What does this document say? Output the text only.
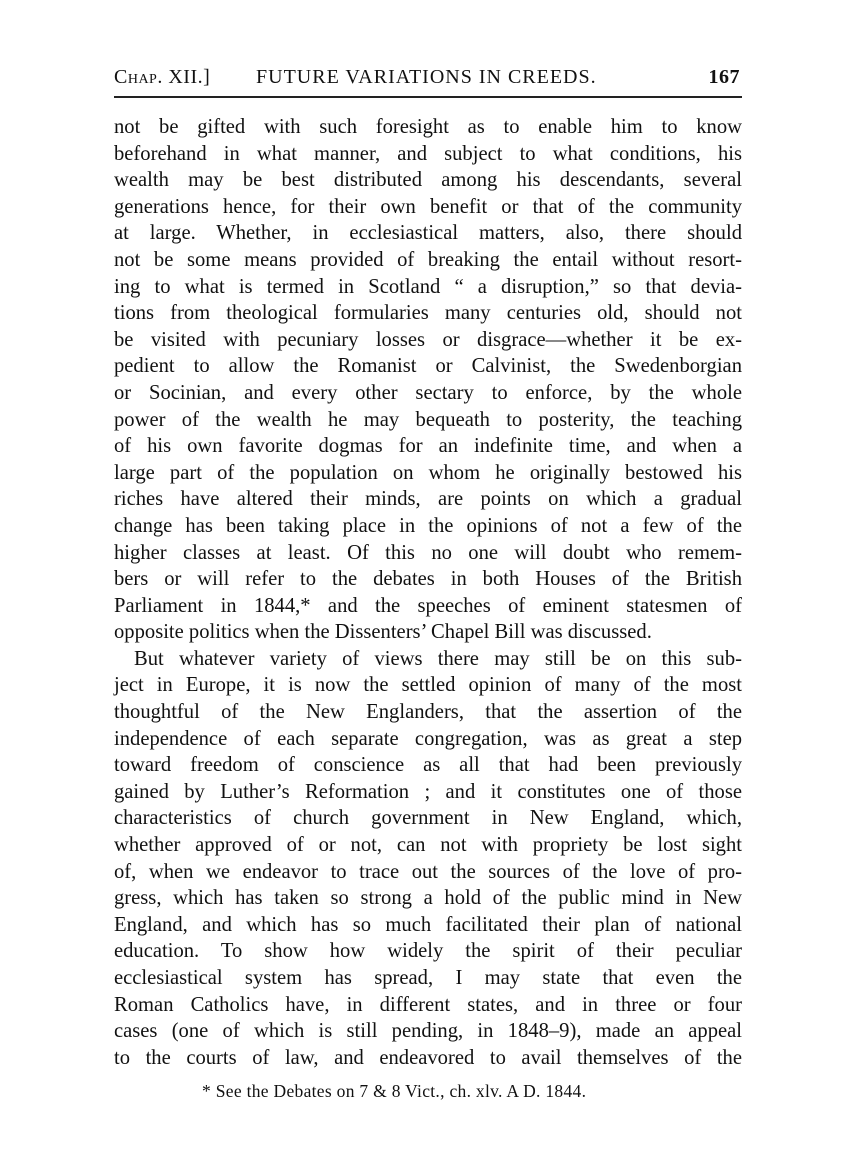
Chap. XII.] FUTURE VARIATIONS IN CREEDS.	167
not be gifted with such foresight as to enable him to know
beforehand in what manner, and subject to what conditions, his
wealth may be best distributed among his descendants, several
generations hence, for their own benefit or that of the community
at large. Whether, in ecclesiastical matters, also, there should
not be some means provided of breaking the entail without resort-
ing to what is termed in Scotland “ a disruption,” so that devia-
tions from theological formularies many centuries old, should not
be visited with pecuniary losses or disgrace—whether it be ex-
pedient to allow the Romanist or Calvinist, the Swedenborgian
or Socinian, and every other sectary to enforce, by the whole
power of the wealth he may bequeath to posterity, the teaching
of his own favorite dogmas for an indefinite time, and when a
large part of the population on whom he originally bestowed his
riches have altered their minds, are points on which a gradual
change has been taking place in the opinions of not a few of the
higher classes at least. Of this no one will doubt who remem-
bers or will refer to the debates in both Houses of the British
Parliament in 1844,* and the speeches of eminent statesmen of
opposite politics when the Dissenters’ Chapel Bill was discussed.
But whatever variety of views there may still be on this sub-
ject in Europe, it is now the settled opinion of many of the most
thoughtful of the New Englanders, that the assertion of the
independence of each separate congregation, was as great a step
toward freedom of conscience as all that had been previously
gained by Luther’s Reformation ; and it constitutes one of those
characteristics of church government in New England, which,
whether approved of or not, can not with propriety be lost sight
of, when we endeavor to trace out the sources of the love of pro-
gress, which has taken so strong a hold of the public mind in New
England, and which has so much facilitated their plan of national
education. To show how widely the spirit of their peculiar
ecclesiastical system has spread, I may state that even the
Roman Catholics have, in different states, and in three or four
cases (one of which is still pending, in 1848–9), made an appeal
to the courts of law, and endeavored to avail themselves of the
* See the Debates on 7 & 8 Vict., ch. xlv. A D. 1844.
